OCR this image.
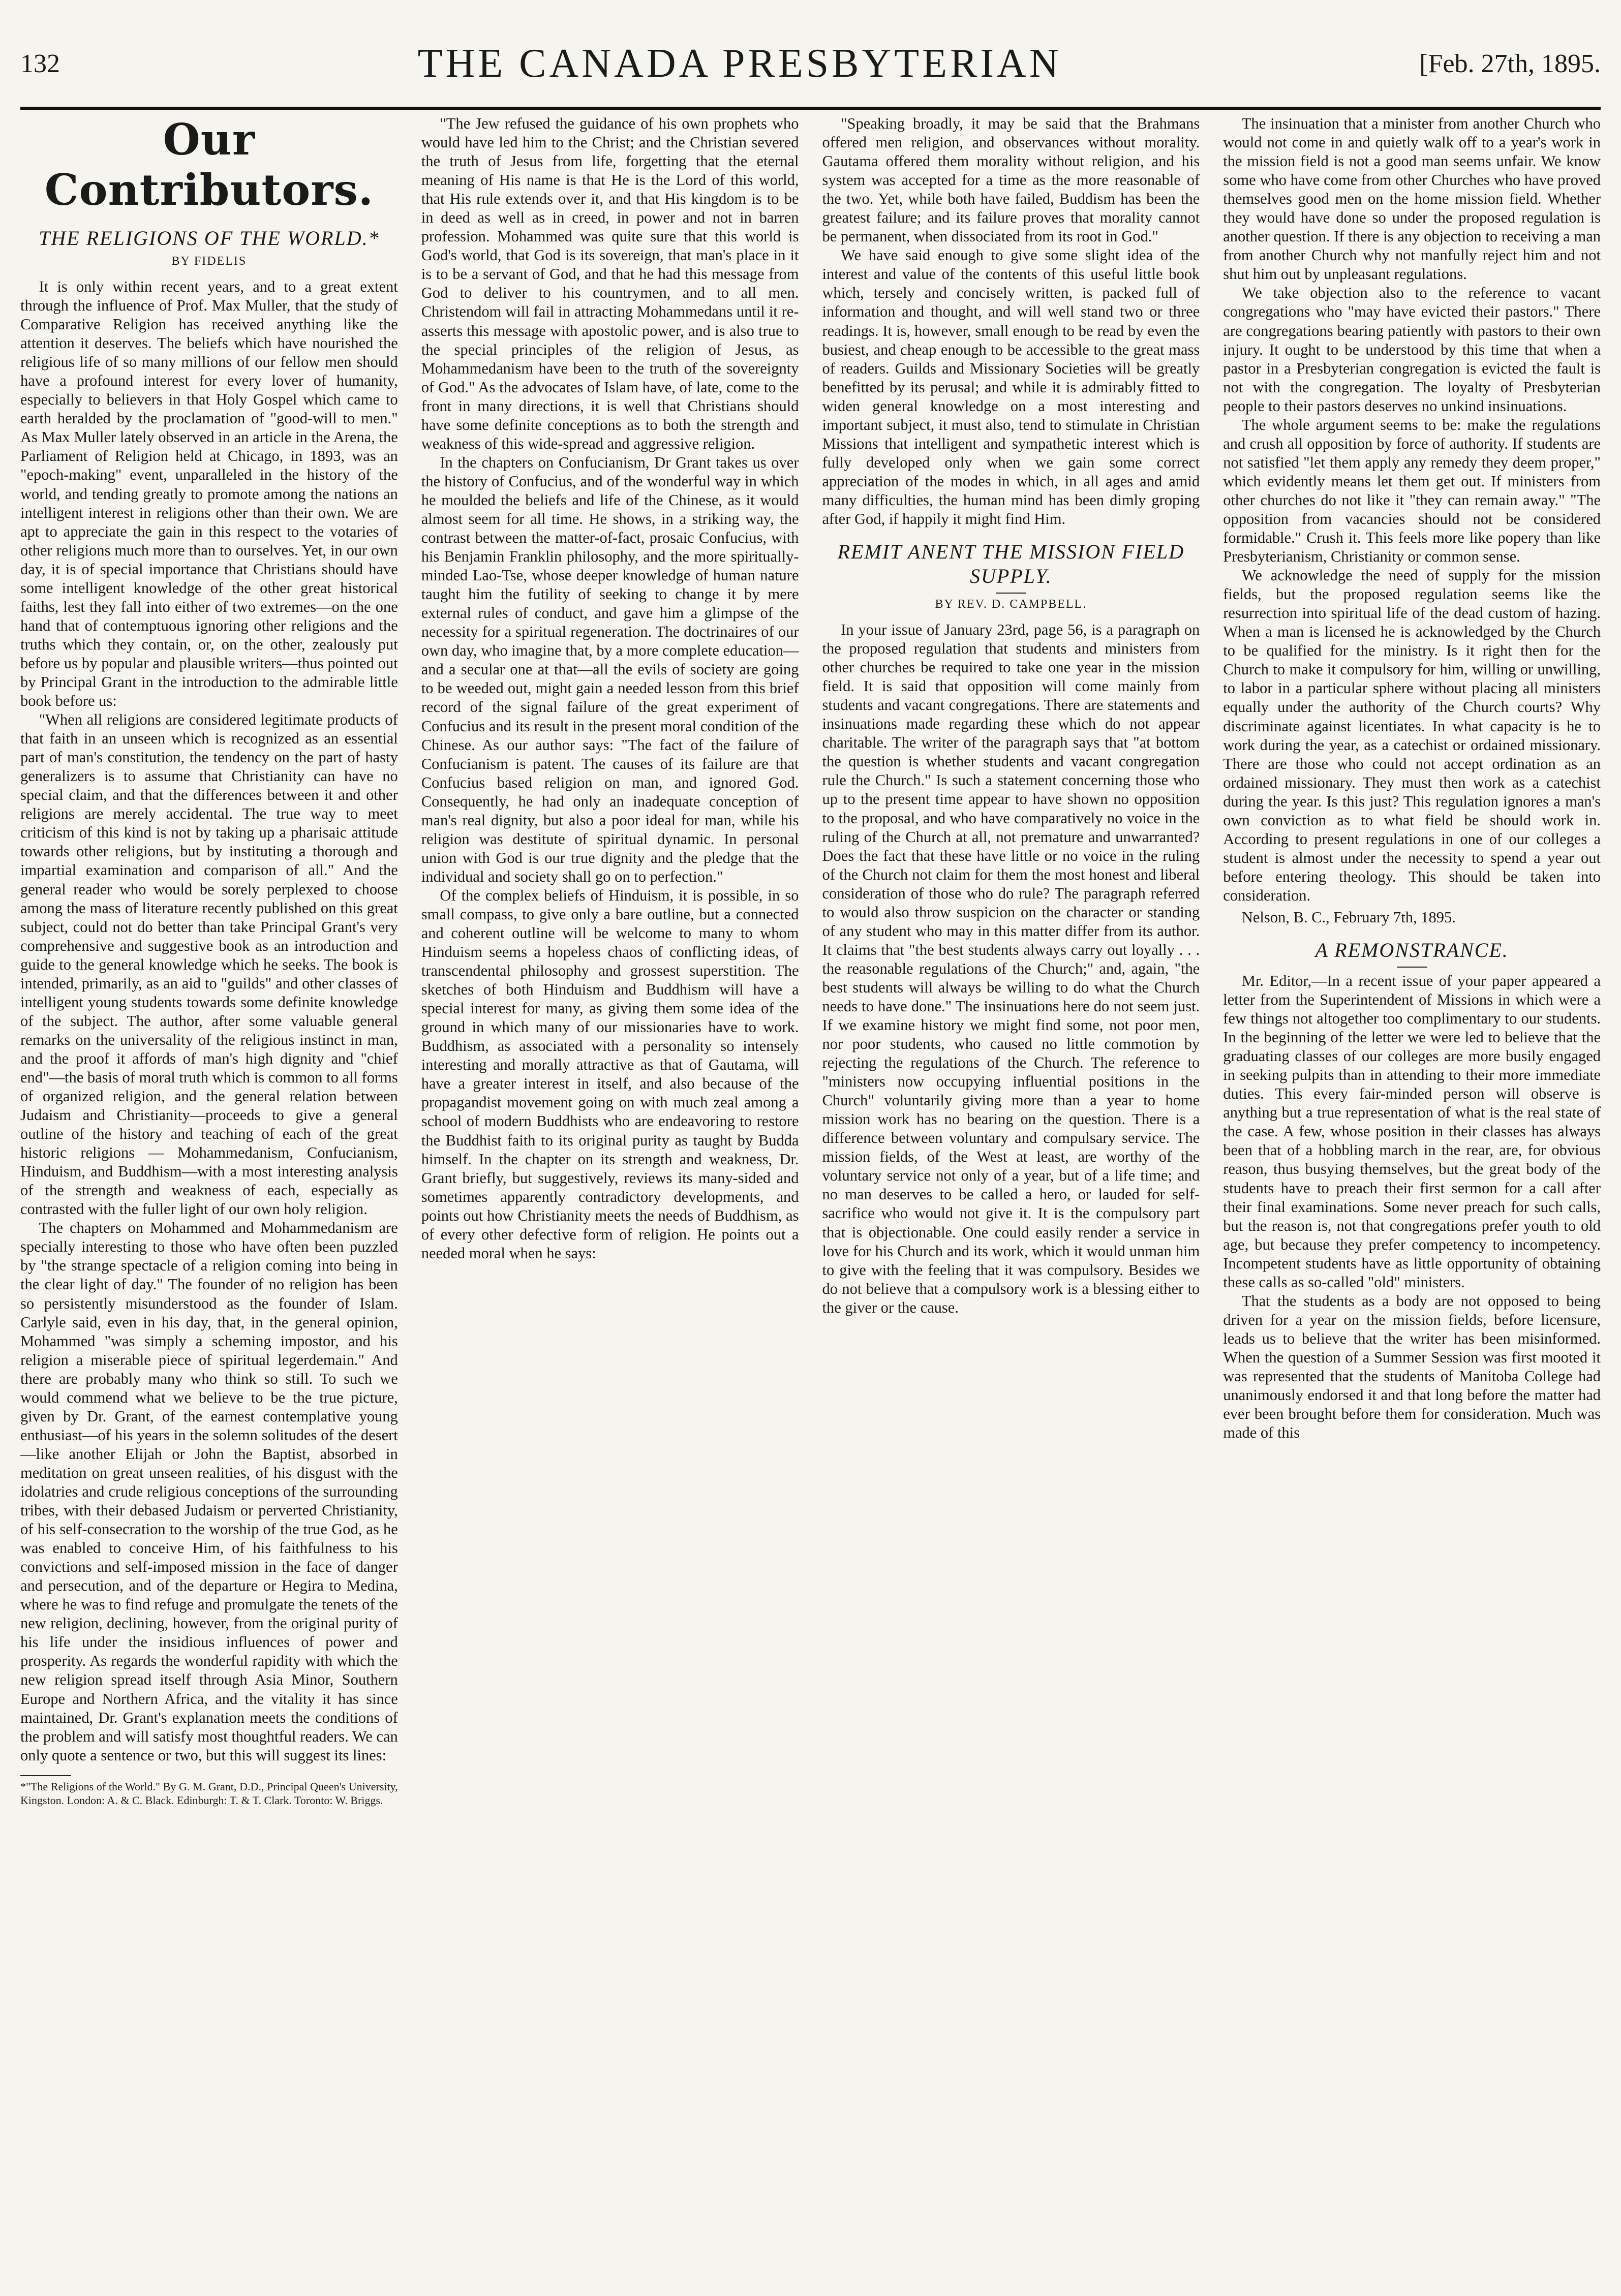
132	THE CANADA PRESBYTERIAN	[Feb. 27th, 1895.
Our Contributors.
THE RELIGIONS OF THE WORLD.*
BY FIDELIS

It is only within recent years, and to a great extent through the influence of Prof. Max Muller, that the study of Comparative Religion has received anything like the attention it deserves. The beliefs which have nourished the religious life of so many millions of our fellow men should have a profound interest for every lover of humanity, especially to believers in that Holy Gospel which came to earth heralded by the proclamation of "good-will to men." As Max Muller lately observed in an article in the Arena, the Parliament of Religion held at Chicago, in 1893, was an "epoch-making" event, unparalleled in the history of the world, and tending greatly to promote among the nations an intelligent interest in religions other than their own. We are apt to appreciate the gain in this respect to the votaries of other religions much more than to ourselves. Yet, in our own day, it is of special importance that Christians should have some intelligent knowledge of the other great historical faiths, lest they fall into either of two extremes—on the one hand that of contemptuous ignoring other religions and the truths which they contain, or, on the other, zealously put before us by popular and plausible writers—thus pointed out by Principal Grant in the introduction to the admirable little book before us:

"When all religions are considered legitimate products of that faith in an unseen which is recognized as an essential part of man's constitution, the tendency on the part of hasty generalizers is to assume that Christianity can have no special claim, and that the differences between it and other religions are merely accidental. The true way to meet criticism of this kind is not by taking up a pharisaic attitude towards other religions, but by instituting a thorough and impartial examination and comparison of all." And the general reader who would be sorely perplexed to choose among the mass of literature recently published on this great subject, could not do better than take Principal Grant's very comprehensive and suggestive book as an introduction and guide to the general knowledge which he seeks. The book is intended, primarily, as an aid to "guilds" and other classes of intelligent young students towards some definite knowledge of the subject. The author, after some valuable general remarks on the universality of the religious instinct in man, and the proof it affords of man's high dignity and "chief end"—the basis of moral truth which is common to all forms of organized religion, and the general relation between Judaism and Christianity—proceeds to give a general outline of the history and teaching of each of the great historic religions — Mohammedanism, Confucianism, Hinduism, and Buddhism—with a most interesting analysis of the strength and weakness of each, especially as contrasted with the fuller light of our own holy religion.

The chapters on Mohammed and Mohammedanism are specially interesting to those who have often been puzzled by "the strange spectacle of a religion coming into being in the clear light of day." The founder of no religion has been so persistently misunderstood as the founder of Islam. Carlyle said, even in his day, that, in the general opinion, Mohammed "was simply a scheming impostor, and his religion a miserable piece of spiritual legerdemain." And there are probably many who think so still. To such we would commend what we believe to be the true picture, given by Dr. Grant, of the earnest contemplative young enthusiast—of his years in the solemn solitudes of the desert—like another Elijah or John the Baptist, absorbed in meditation on great unseen realities, of his disgust with the idolatries and crude religious conceptions of the surrounding tribes, with their debased Judaism or perverted Christianity, of his self-consecration to the worship of the true God, as he was enabled to conceive Him, of his faithfulness to his convictions and self-imposed mission in the face of danger and persecution, and of the departure or Hegira to Medina, where he was to find refuge and promulgate the tenets of the new religion, declining, however, from the original purity of his life under the insidious influences of power and prosperity. As regards the wonderful rapidity with which the new religion spread itself through Asia Minor, Southern Europe and Northern Africa, and the vitality it has since maintained, Dr. Grant's explanation meets the conditions of the problem and will satisfy most thoughtful readers. We can only quote a sentence or two, but this will suggest its lines:

*"The Religions of the World." By G. M. Grant, D.D., Principal Queen's University, Kingston. London: A. & C. Black. Edinburgh: T. & T. Clark. Toronto: W. Briggs.

"The Jew refused the guidance of his own prophets who would have led him to the Christ; and the Christian severed the truth of Jesus from life, forgetting that the eternal meaning of His name is that He is the Lord of this world, that His rule extends over it, and that His kingdom is to be in deed as well as in creed, in power and not in barren profession. Mohammed was quite sure that this world is God's world, that God is its sovereign, that man's place in it is to be a servant of God, and that he had this message from God to deliver to his countrymen, and to all men. Christendom will fail in attracting Mohammedans until it re-asserts this message with apostolic power, and is also true to the special principles of the religion of Jesus, as Mohammedanism have been to the truth of the sovereignty of God." As the advocates of Islam have, of late, come to the front in many directions, it is well that Christians should have some definite conceptions as to both the strength and weakness of this wide-spread and aggressive religion.

In the chapters on Confucianism, Dr Grant takes us over the history of Confucius, and of the wonderful way in which he moulded the beliefs and life of the Chinese, as it would almost seem for all time. He shows, in a striking way, the contrast between the matter-of-fact, prosaic Confucius, with his Benjamin Franklin philosophy, and the more spiritually-minded Lao-Tse, whose deeper knowledge of human nature taught him the futility of seeking to change it by mere external rules of conduct, and gave him a glimpse of the necessity for a spiritual regeneration. The doctrinaires of our own day, who imagine that, by a more complete education—and a secular one at that—all the evils of society are going to be weeded out, might gain a needed lesson from this brief record of the signal failure of the great experiment of Confucius and its result in the present moral condition of the Chinese. As our author says: "The fact of the failure of Confucianism is patent. The causes of its failure are that Confucius based religion on man, and ignored God. Consequently, he had only an inadequate conception of man's real dignity, but also a poor ideal for man, while his religion was destitute of spiritual dynamic. In personal union with God is our true dignity and the pledge that the individual and society shall go on to perfection."

Of the complex beliefs of Hinduism, it is possible, in so small compass, to give only a bare outline, but a connected and coherent outline will be welcome to many to whom Hinduism seems a hopeless chaos of conflicting ideas, of transcendental philosophy and grossest superstition. The sketches of both Hinduism and Buddhism will have a special interest for many, as giving them some idea of the ground in which many of our missionaries have to work. Buddhism, as associated with a personality so intensely interesting and morally attractive as that of Gautama, will have a greater interest in itself, and also because of the propagandist movement going on with much zeal among a school of modern Buddhists who are endeavoring to restore the Buddhist faith to its original purity as taught by Budda himself. In the chapter on its strength and weakness, Dr. Grant briefly, but suggestively, reviews its many-sided and sometimes apparently contradictory developments, and points out how Christianity meets the needs of Buddhism, as of every other defective form of religion. He points out a needed moral when he says:

"Speaking broadly, it may be said that the Brahmans offered men religion, and observances without morality. Gautama offered them morality without religion, and his system was accepted for a time as the more reasonable of the two. Yet, while both have failed, Buddism has been the greatest failure; and its failure proves that morality cannot be permanent, when dissociated from its root in God."

We have said enough to give some slight idea of the interest and value of the contents of this useful little book which, tersely and concisely written, is packed full of information and thought, and will well stand two or three readings. It is, however, small enough to be read by even the busiest, and cheap enough to be accessible to the great mass of readers. Guilds and Missionary Societies will be greatly benefitted by its perusal; and while it is admirably fitted to widen general knowledge on a most interesting and important subject, it must also, tend to stimulate in Christian Missions that intelligent and sympathetic interest which is fully developed only when we gain some correct appreciation of the modes in which, in all ages and amid many difficulties, the human mind has been dimly groping after God, if happily it might find Him.

REMIT ANENT THE MISSION FIELD SUPPLY.
BY REV. D. CAMPBELL.

In your issue of January 23rd, page 56, is a paragraph on the proposed regulation that students and ministers from other churches be required to take one year in the mission field. It is said that opposition will come mainly from students and vacant congregations. There are statements and insinuations made regarding these which do not appear charitable. The writer of the paragraph says that "at bottom the question is whether students and vacant congregation rule the Church." Is such a statement concerning those who up to the present time appear to have shown no opposition to the proposal, and who have comparatively no voice in the ruling of the Church at all, not premature and unwarranted? Does the fact that these have little or no voice in the ruling of the Church not claim for them the most honest and liberal consideration of those who do rule? The paragraph referred to would also throw suspicion on the character or standing of any student who may in this matter differ from its author. It claims that "the best students always carry out loyally . . . the reasonable regulations of the Church;" and, again, "the best students will always be willing to do what the Church needs to have done." The insinuations here do not seem just. If we examine history we might find some, not poor men, nor poor students, who caused no little commotion by rejecting the regulations of the Church. The reference to "ministers now occupying influential positions in the Church" voluntarily giving more than a year to home mission work has no bearing on the question. There is a difference between voluntary and compulsary service. The mission fields, of the West at least, are worthy of the voluntary service not only of a year, but of a life time; and no man deserves to be called a hero, or lauded for self-sacrifice who would not give it. It is the compulsory part that is objectionable. One could easily render a service in love for his Church and its work, which it would unman him to give with the feeling that it was compulsory. Besides we do not believe that a compulsory work is a blessing either to the giver or the cause.

The insinuation that a minister from another Church who would not come in and quietly walk off to a year's work in the mission field is not a good man seems unfair. We know some who have come from other Churches who have proved themselves good men on the home mission field. Whether they would have done so under the proposed regulation is another question. If there is any objection to receiving a man from another Church why not manfully reject him and not shut him out by unpleasant regulations.

We take objection also to the reference to vacant congregations who "may have evicted their pastors." There are congregations bearing patiently with pastors to their own injury. It ought to be understood by this time that when a pastor in a Presbyterian congregation is evicted the fault is not with the congregation. The loyalty of Presbyterian people to their pastors deserves no unkind insinuations.

The whole argument seems to be: make the regulations and crush all opposition by force of authority. If students are not satisfied "let them apply any remedy they deem proper," which evidently means let them get out. If ministers from other churches do not like it "they can remain away." "The opposition from vacancies should not be considered formidable." Crush it. This feels more like popery than like Presbyterianism, Christianity or common sense.

We acknowledge the need of supply for the mission fields, but the proposed regulation seems like the resurrection into spiritual life of the dead custom of hazing. When a man is licensed he is acknowledged by the Church to be qualified for the ministry. Is it right then for the Church to make it compulsory for him, willing or unwilling, to labor in a particular sphere without placing all ministers equally under the authority of the Church courts? Why discriminate against licentiates. In what capacity is he to work during the year, as a catechist or ordained missionary. There are those who could not accept ordination as an ordained missionary. They must then work as a catechist during the year. Is this just? This regulation ignores a man's own conviction as to what field be should work in. According to present regulations in one of our colleges a student is almost under the necessity to spend a year out before entering theology. This should be taken into consideration.

Nelson, B. C., February 7th, 1895.

A REMONSTRANCE.

Mr. Editor,—In a recent issue of your paper appeared a letter from the Superintendent of Missions in which were a few things not altogether too complimentary to our students. In the beginning of the letter we were led to believe that the graduating classes of our colleges are more busily engaged in seeking pulpits than in attending to their more immediate duties. This every fair-minded person will observe is anything but a true representation of what is the real state of the case. A few, whose position in their classes has always been that of a hobbling march in the rear, are, for obvious reason, thus busying themselves, but the great body of the students have to preach their first sermon for a call after their final examinations. Some never preach for such calls, but the reason is, not that congregations prefer youth to old age, but because they prefer competency to incompetency. Incompetent students have as little opportunity of obtaining these calls as so-called "old" ministers.

That the students as a body are not opposed to being driven for a year on the mission fields, before licensure, leads us to believe that the writer has been misinformed. When the question of a Summer Session was first mooted it was represented that the students of Manitoba College had unanimously endorsed it and that long before the matter had ever been brought before them for consideration. Much was made of this
